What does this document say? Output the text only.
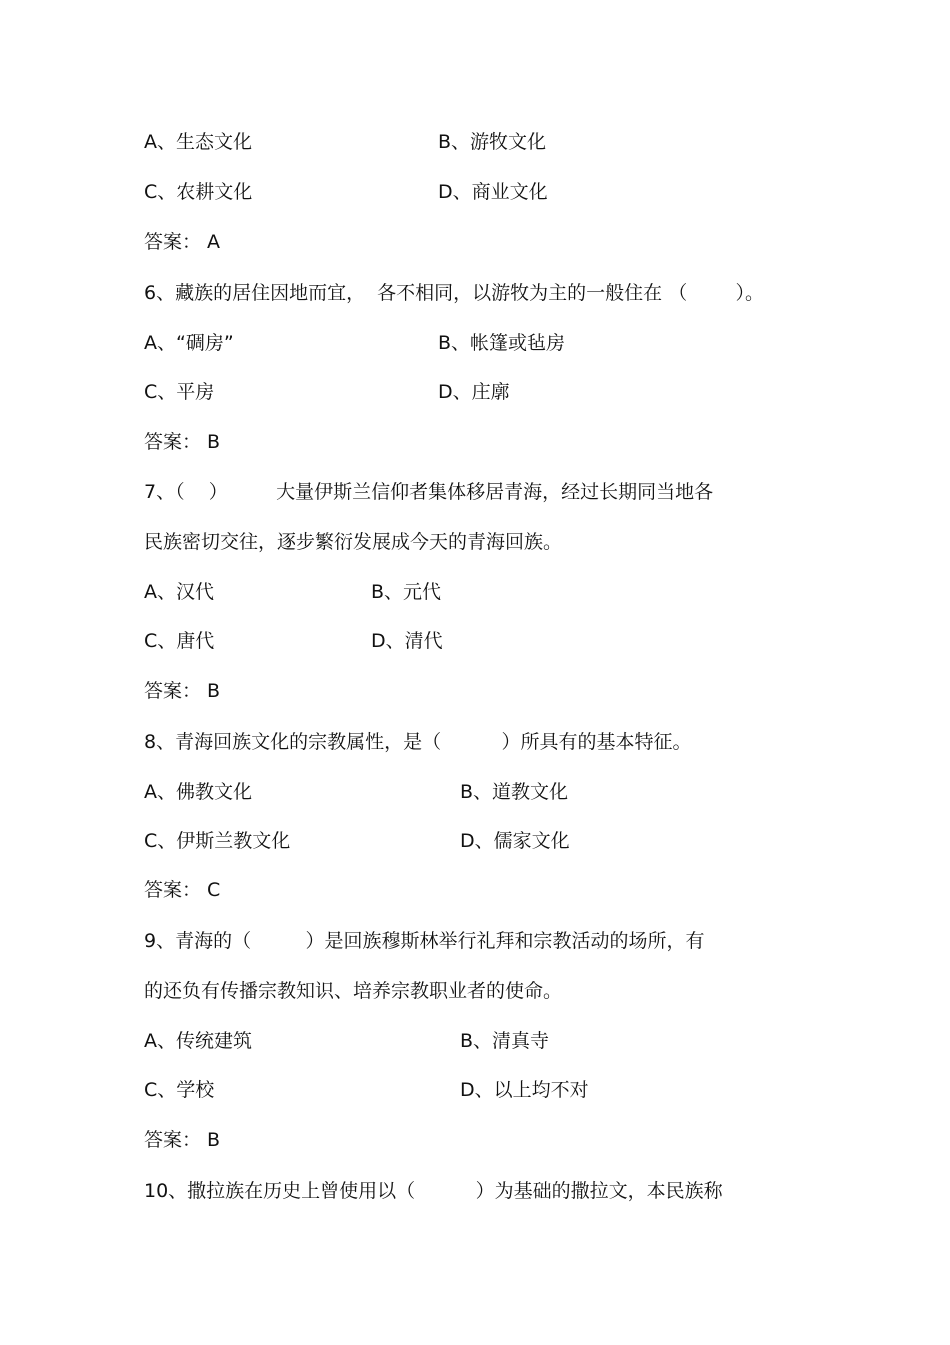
A、生态文化	B、游牧文化
C、农耕文化	D、商业文化
答案： A
6、藏族的居住因地而宜，  各不相同，以游牧为主的一般住在 （        ）。
A、“碉房”	B、帐篷或毡房
C、平房	D、庄廓
答案： B
7、（    ）        大量伊斯兰信仰者集体移居青海，经过长期同当地各
民族密切交往，逐步繁衍发展成今天的青海回族。
A、汉代	B、元代
C、唐代	D、清代
答案： B
8、青海回族文化的宗教属性，是（          ）所具有的基本特征。
A、佛教文化	B、道教文化
C、伊斯兰教文化	D、儒家文化
答案： C
9、青海的（         ）是回族穆斯林举行礼拜和宗教活动的场所，有
的还负有传播宗教知识、培养宗教职业者的使命。
A、传统建筑	B、清真寺
C、学校	D、以上均不对
答案： B
10、撒拉族在历史上曾使用以（          ）为基础的撒拉文，本民族称
